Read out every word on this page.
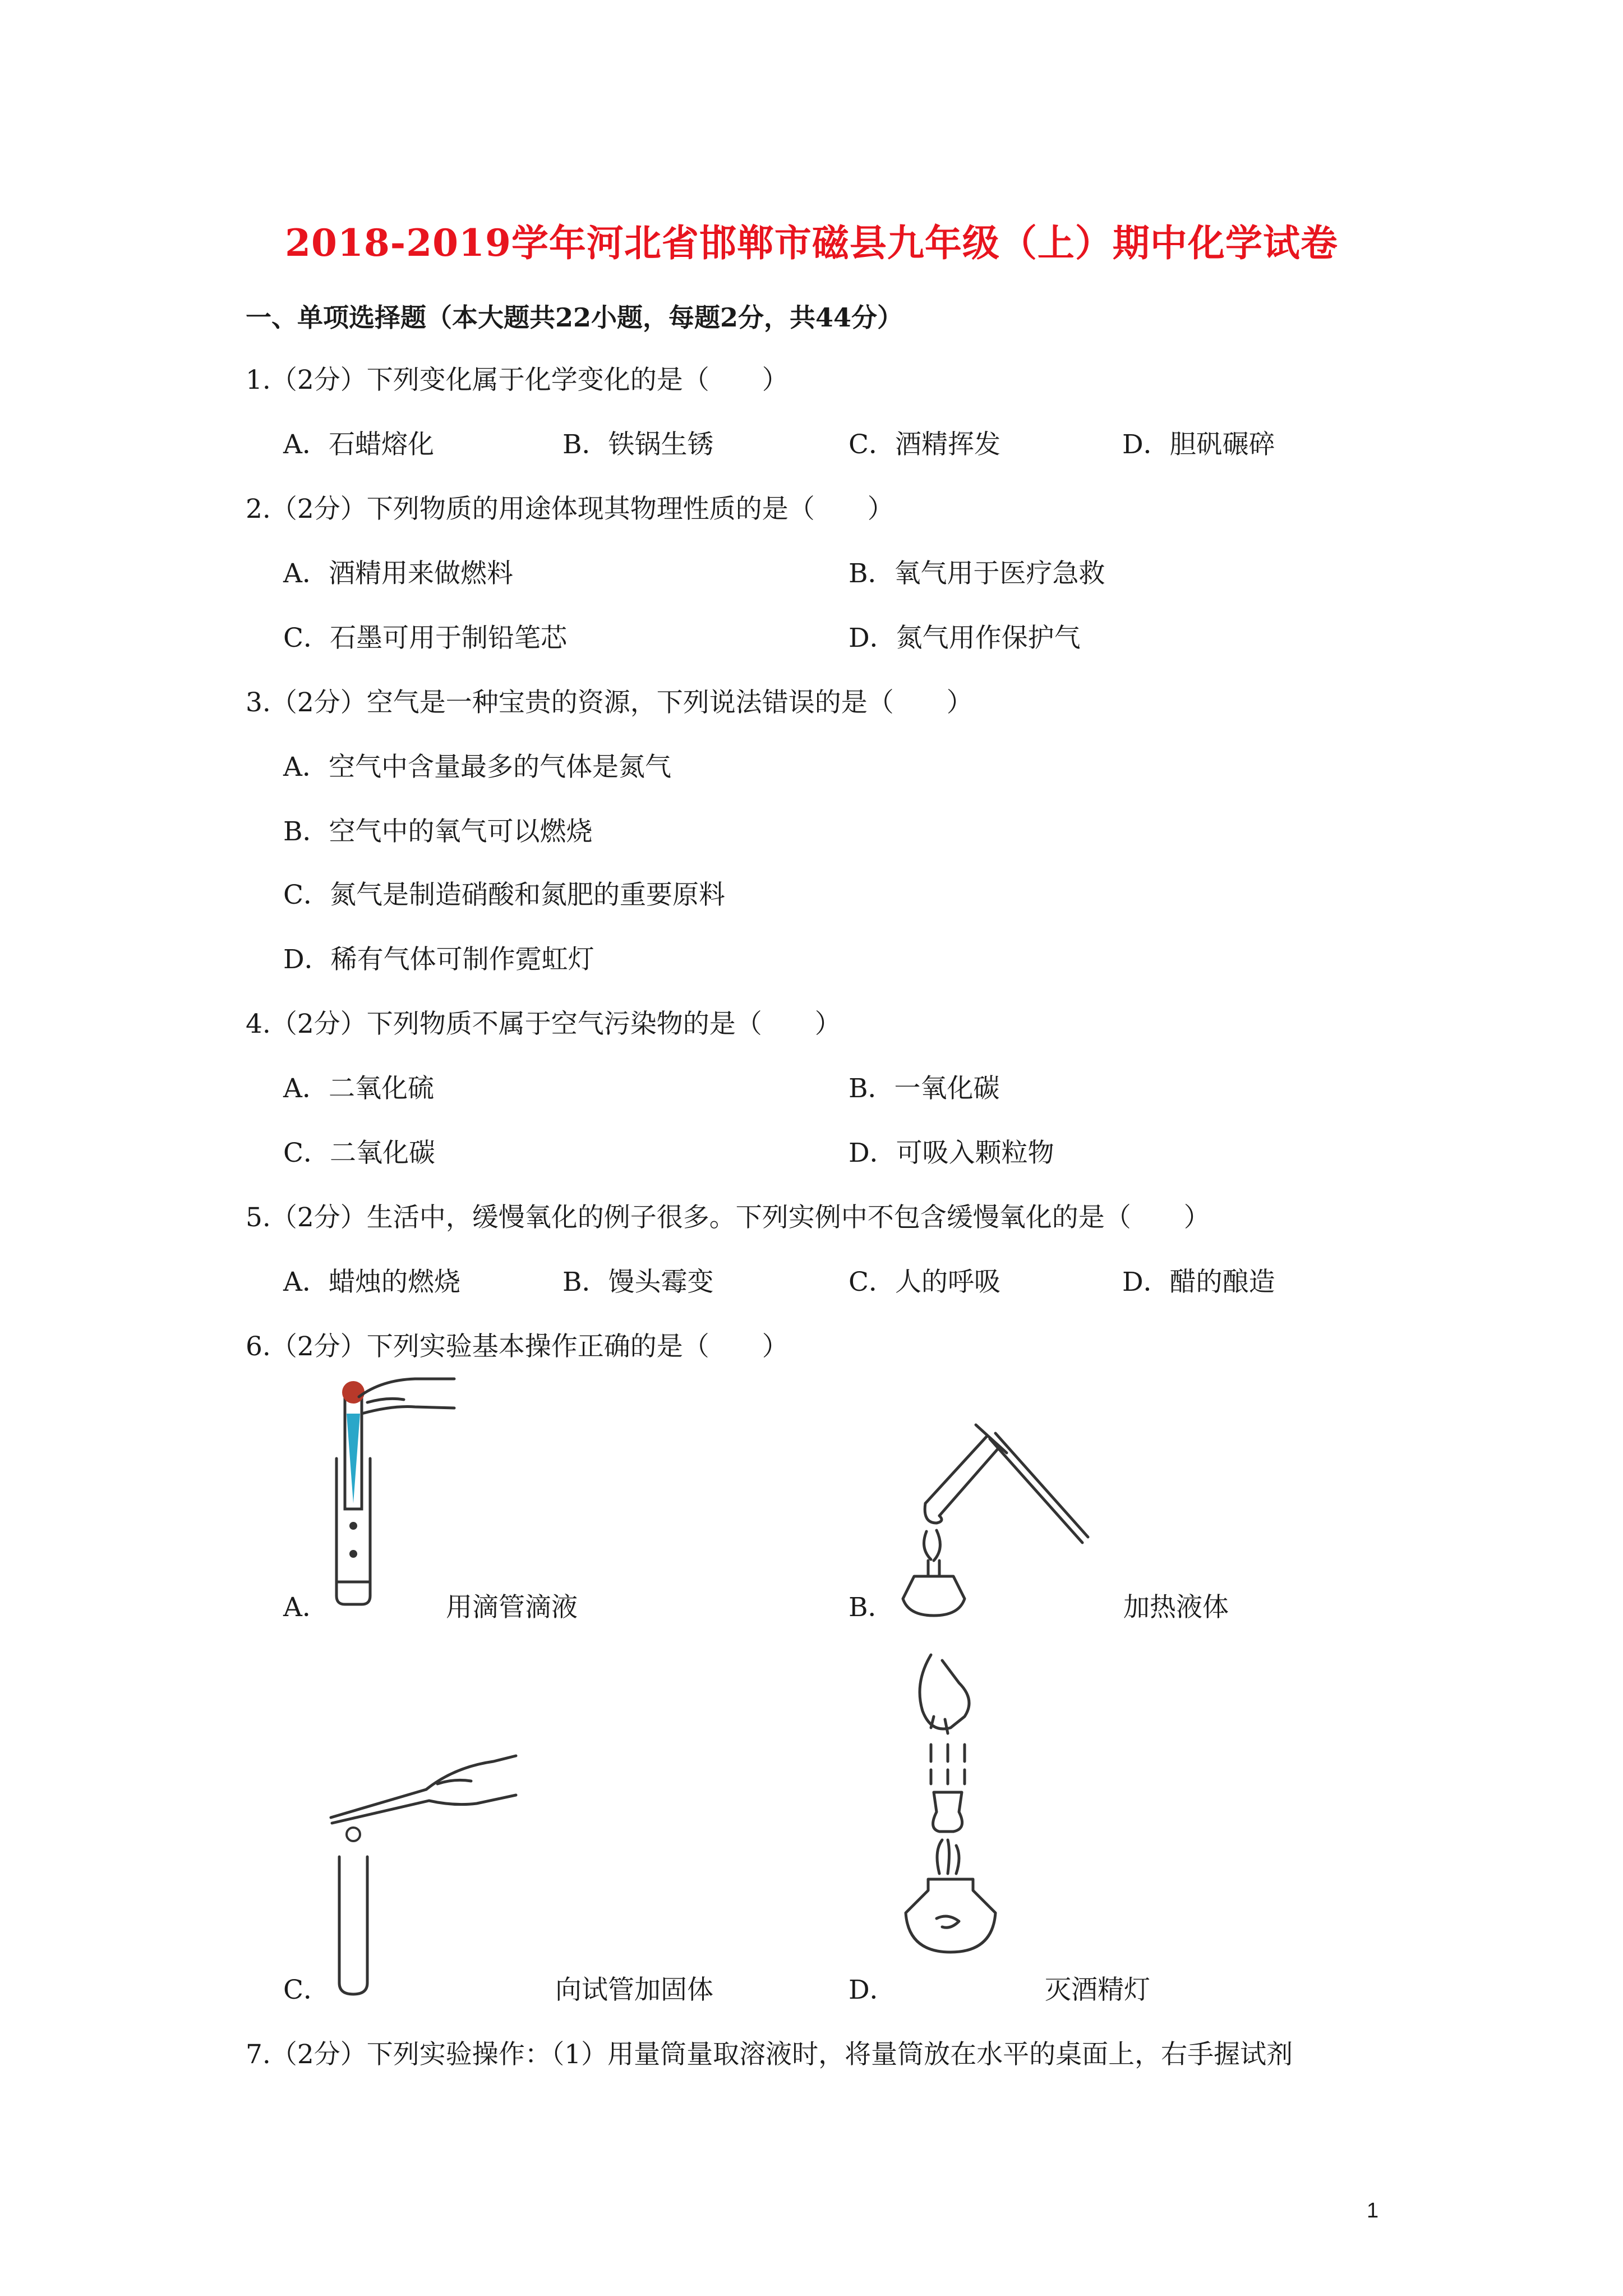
2018-2019学年河北省邯郸市磁县九年级（上）期中化学试卷
一、单项选择题（本大题共22小题，每题2分，共44分）
1.（2分）下列变化属于化学变化的是（　　）
A．石蜡熔化	B．铁锅生锈	C．酒精挥发	D．胆矾碾碎
2.（2分）下列物质的用途体现其物理性质的是（　　）
A．酒精用来做燃料	B．氧气用于医疗急救
C．石墨可用于制铅笔芯	D．氮气用作保护气
3.（2分）空气是一种宝贵的资源，下列说法错误的是（　　）
A．空气中含量最多的气体是氮气
B．空气中的氧气可以燃烧
C．氮气是制造硝酸和氮肥的重要原料
D．稀有气体可制作霓虹灯
4.（2分）下列物质不属于空气污染物的是（　　）
A．二氧化硫	B．一氧化碳
C．二氧化碳	D．可吸入颗粒物
5.（2分）生活中，缓慢氧化的例子很多。下列实例中不包含缓慢氧化的是（　　）
A．蜡烛的燃烧	B．馒头霉变	C．人的呼吸	D．醋的酿造
6.（2分）下列实验基本操作正确的是（　　）
A．	用滴管滴液	B．	加热液体
C．	向试管加固体	D．	灭酒精灯
7.（2分）下列实验操作：（1）用量筒量取溶液时，将量筒放在水平的桌面上，右手握试剂
1
